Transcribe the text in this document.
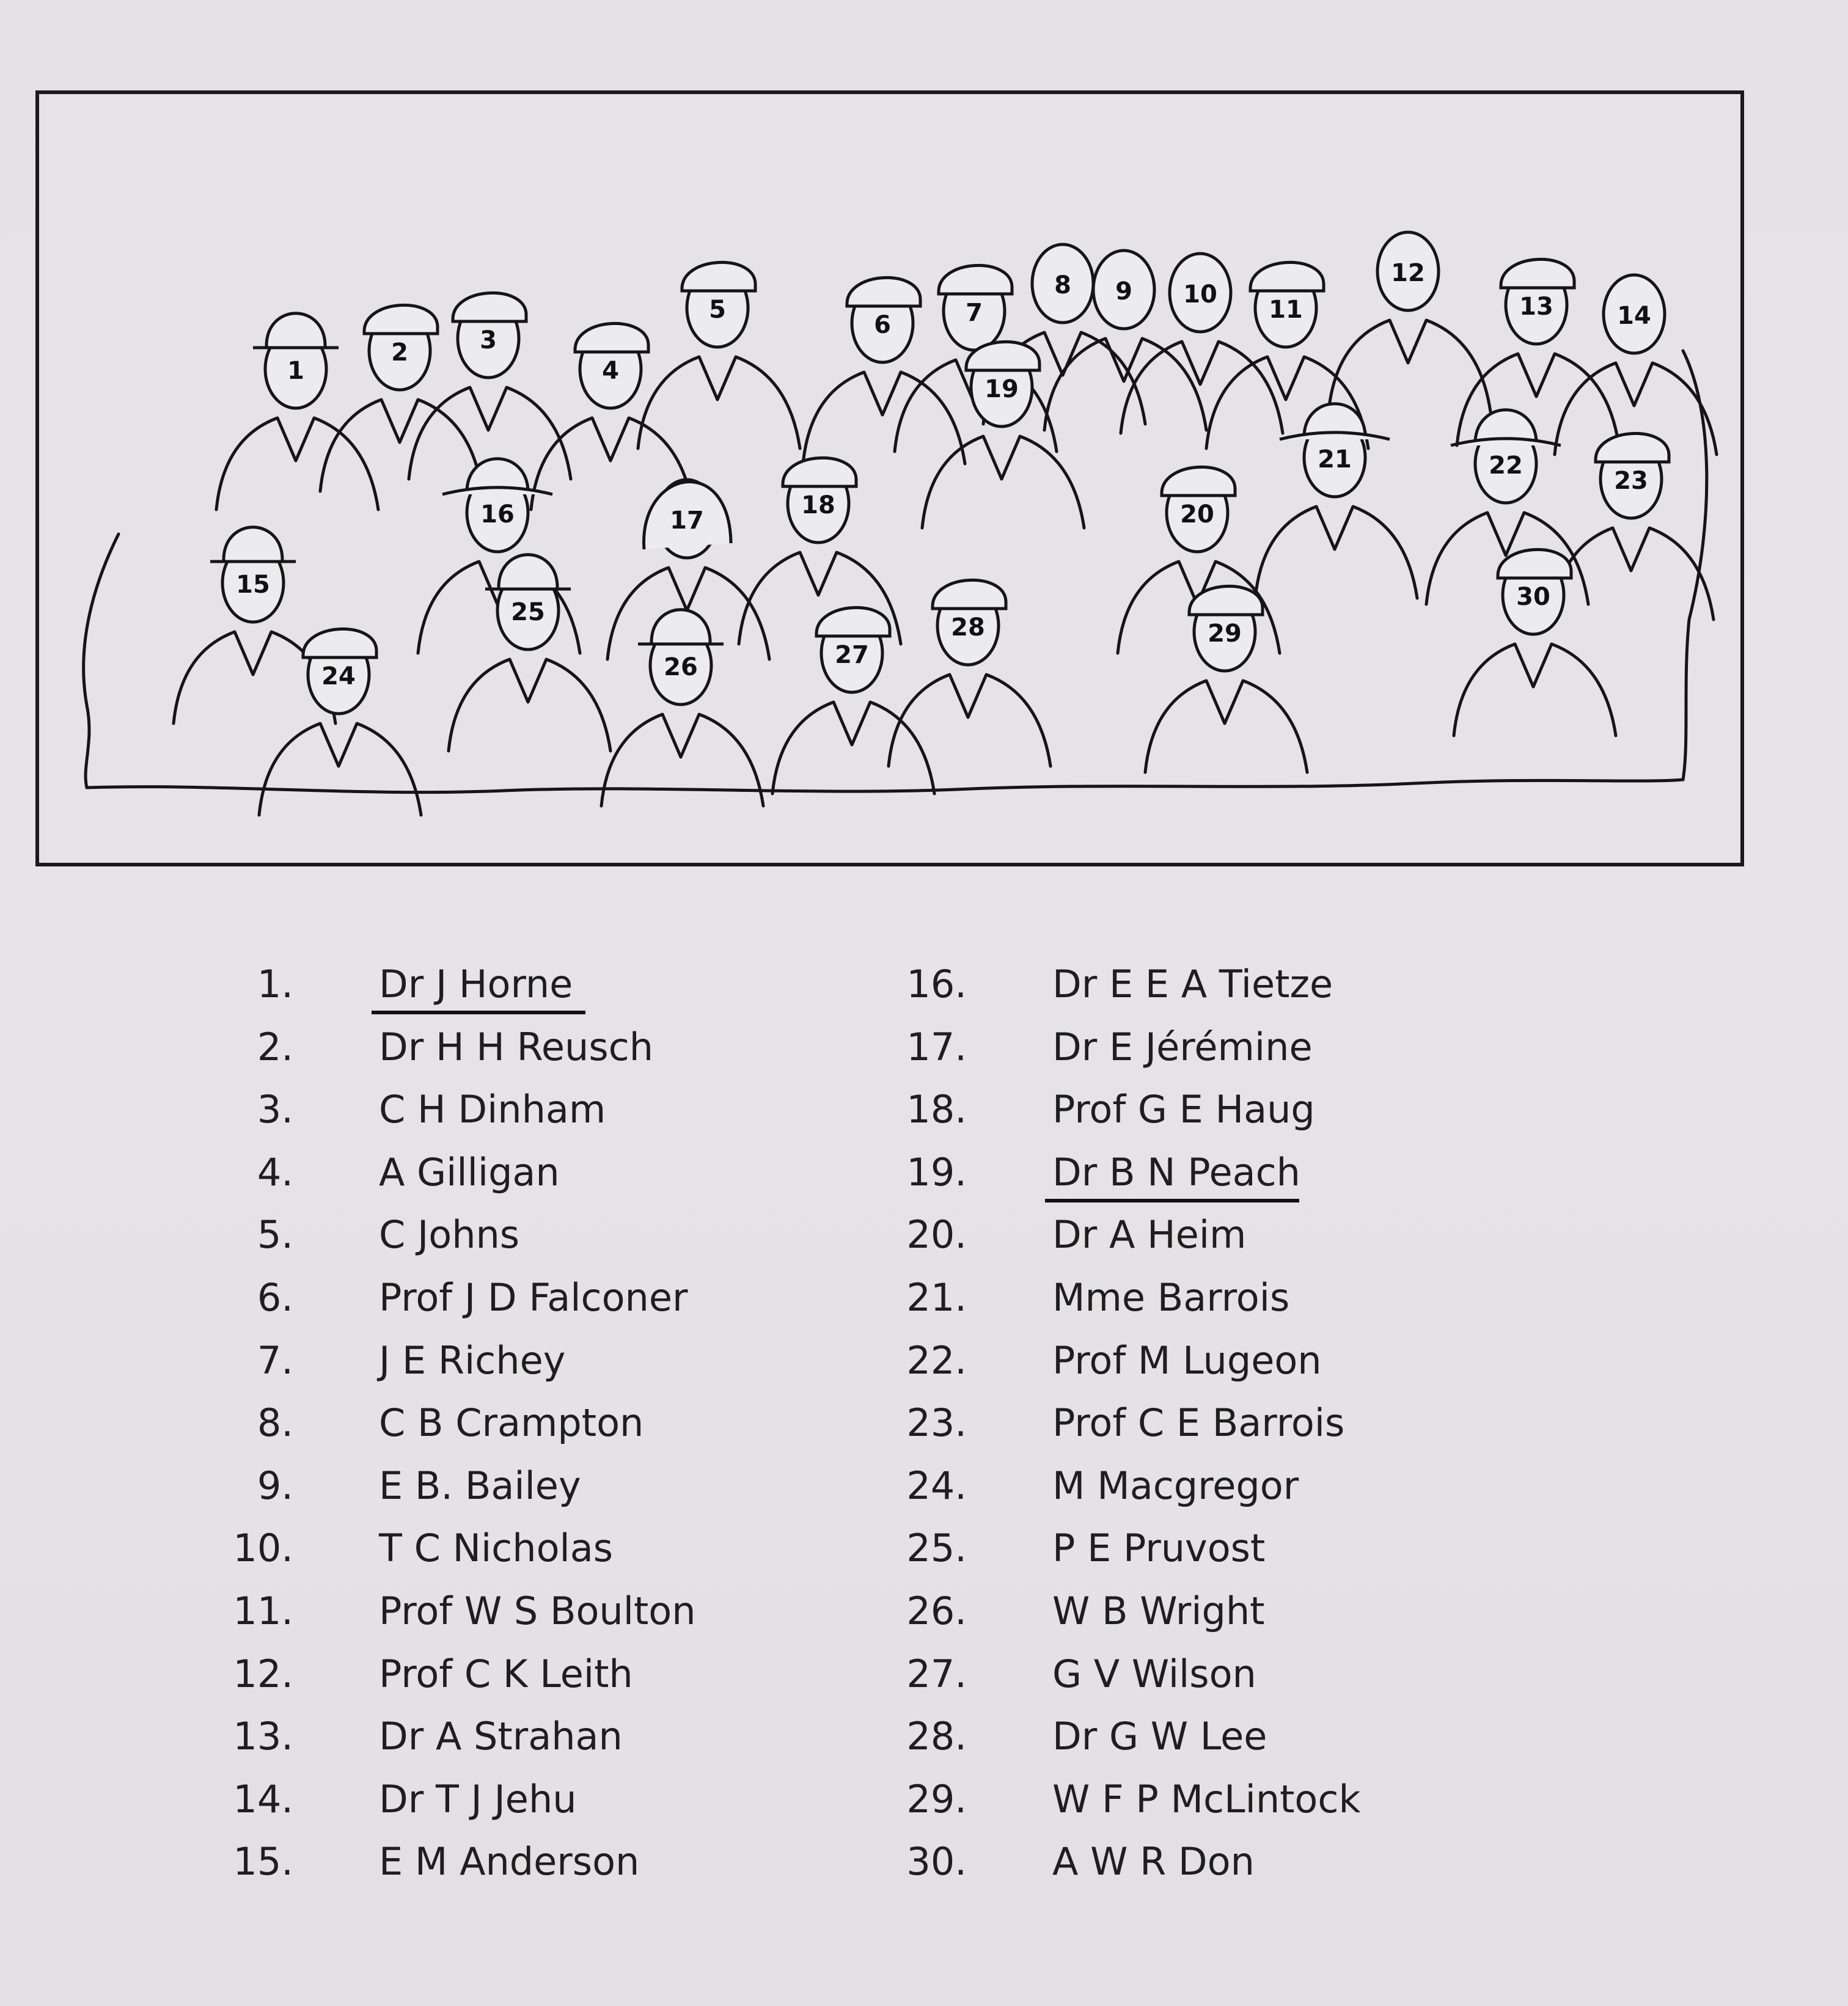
1
2	3
4
5
6	7
8 9 10
11
12
13	14
15
16	17
18
19
20
21	22
23
24
25
26	27
28	29
30
1. Dr J Horne
2. Dr H H Reusch
3. C H Dinham
4. A Gilligan
5. C Johns
6. Prof J D Falconer
7. J E Richey
8. C B Crampton
9. E B. Bailey
10. T C Nicholas
11. Prof W S Boulton
12. Prof C K Leith
13. Dr A Strahan
14. Dr T J Jehu
15. E M Anderson
16. Dr E E A Tietze
17. Dr E Jérémine
18. Prof G E Haug
19. Dr B N Peach
20. Dr A Heim
21. Mme Barrois
22. Prof M Lugeon
23. Prof C E Barrois
24. M Macgregor
25. P E Pruvost
26. W B Wright
27. G V Wilson
28. Dr G W Lee
29. W F P McLintock
30. A W R Don
